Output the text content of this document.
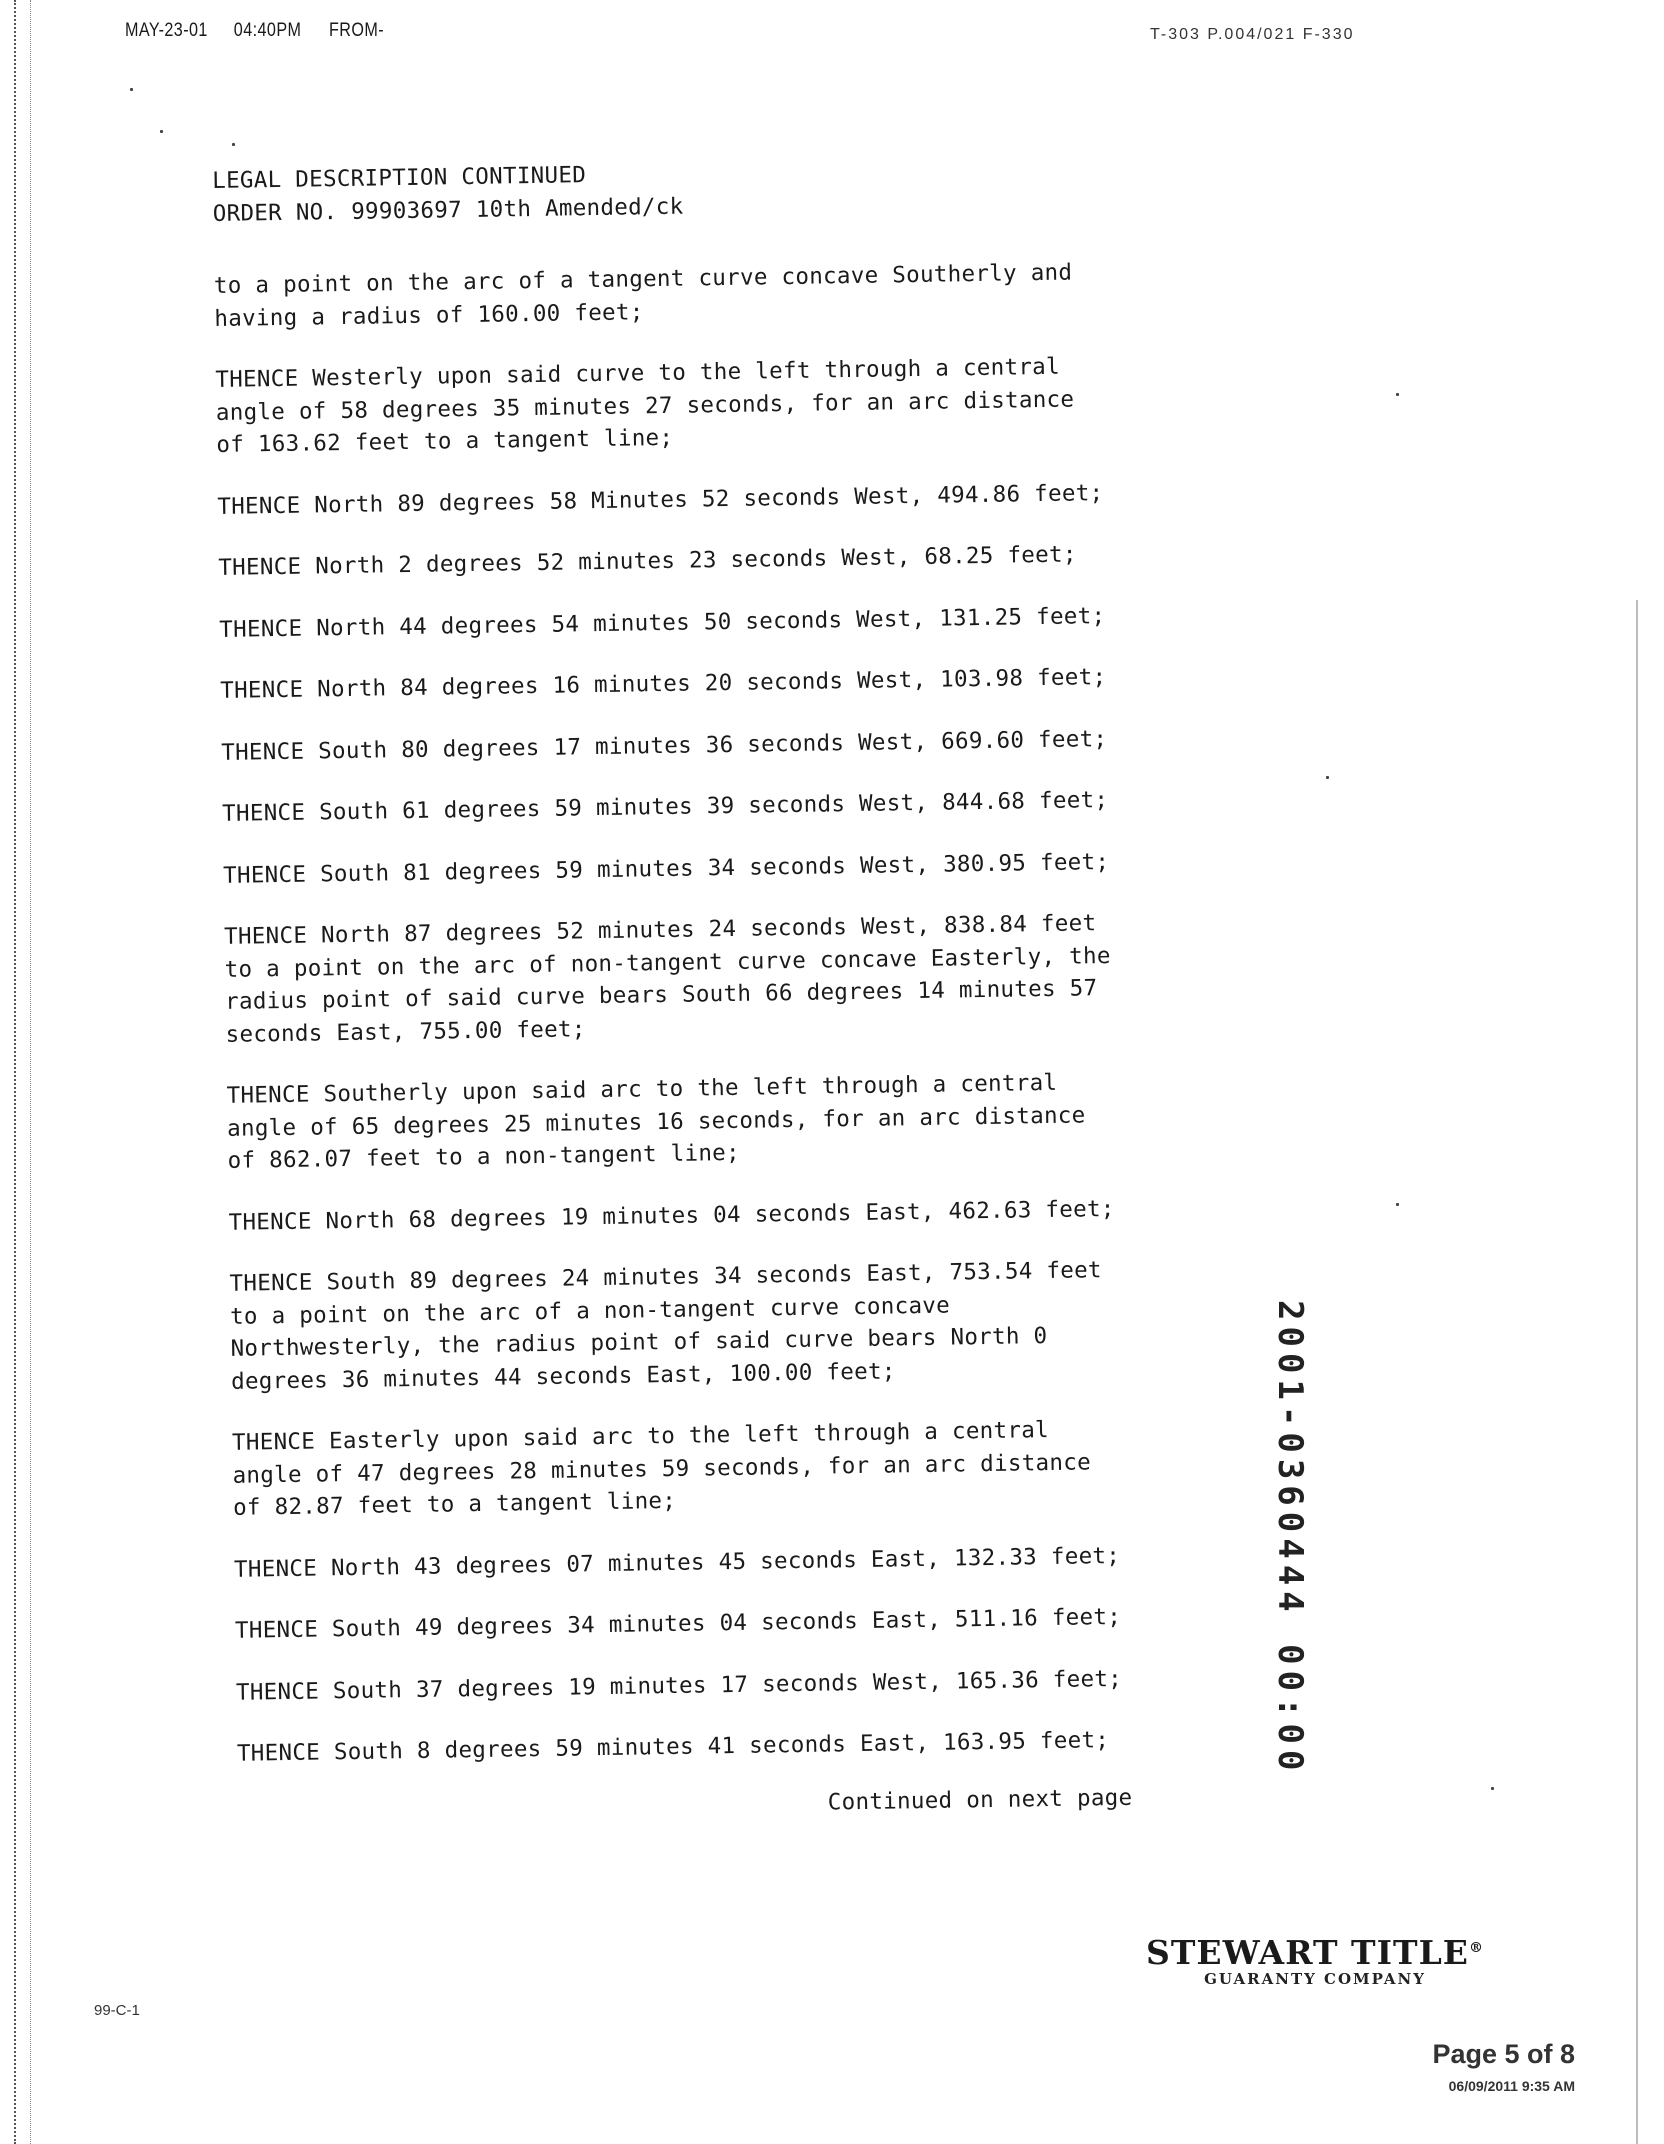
MAY-23-01 04:40PM FROM-	T-303 P.004/021 F-330

LEGAL DESCRIPTION CONTINUED
ORDER NO. 99903697 10th Amended/ck

to a point on the arc of a tangent curve concave Southerly and
having a radius of 160.00 feet;

THENCE Westerly upon said curve to the left through a central
angle of 58 degrees 35 minutes 27 seconds, for an arc distance
of 163.62 feet to a tangent line;

THENCE North 89 degrees 58 Minutes 52 seconds West, 494.86 feet;

THENCE North 2 degrees 52 minutes 23 seconds West, 68.25 feet;

THENCE North 44 degrees 54 minutes 50 seconds West, 131.25 feet;

THENCE North 84 degrees 16 minutes 20 seconds West, 103.98 feet;

THENCE South 80 degrees 17 minutes 36 seconds West, 669.60 feet;

THENCE South 61 degrees 59 minutes 39 seconds West, 844.68 feet;

THENCE South 81 degrees 59 minutes 34 seconds West, 380.95 feet;

THENCE North 87 degrees 52 minutes 24 seconds West, 838.84 feet
to a point on the arc of non-tangent curve concave Easterly, the
radius point of said curve bears South 66 degrees 14 minutes 57
seconds East, 755.00 feet;

THENCE Southerly upon said arc to the left through a central
angle of 65 degrees 25 minutes 16 seconds, for an arc distance
of 862.07 feet to a non-tangent line;

THENCE North 68 degrees 19 minutes 04 seconds East, 462.63 feet;

THENCE South 89 degrees 24 minutes 34 seconds East, 753.54 feet
to a point on the arc of a non-tangent curve concave
Northwesterly, the radius point of said curve bears North 0
degrees 36 minutes 44 seconds East, 100.00 feet;

THENCE Easterly upon said arc to the left through a central
angle of 47 degrees 28 minutes 59 seconds, for an arc distance
of 82.87 feet to a tangent line;

THENCE North 43 degrees 07 minutes 45 seconds East, 132.33 feet;

THENCE South 49 degrees 34 minutes 04 seconds East, 511.16 feet;

THENCE South 37 degrees 19 minutes 17 seconds West, 165.36 feet;

THENCE South 8 degrees 59 minutes 41 seconds East, 163.95 feet;

Continued on next page

2001-0360444 00:00
STEWART TITLE®
GUARANTY COMPANY
99-C-1
Page 5 of 8
06/09/2011 9:35 AM
